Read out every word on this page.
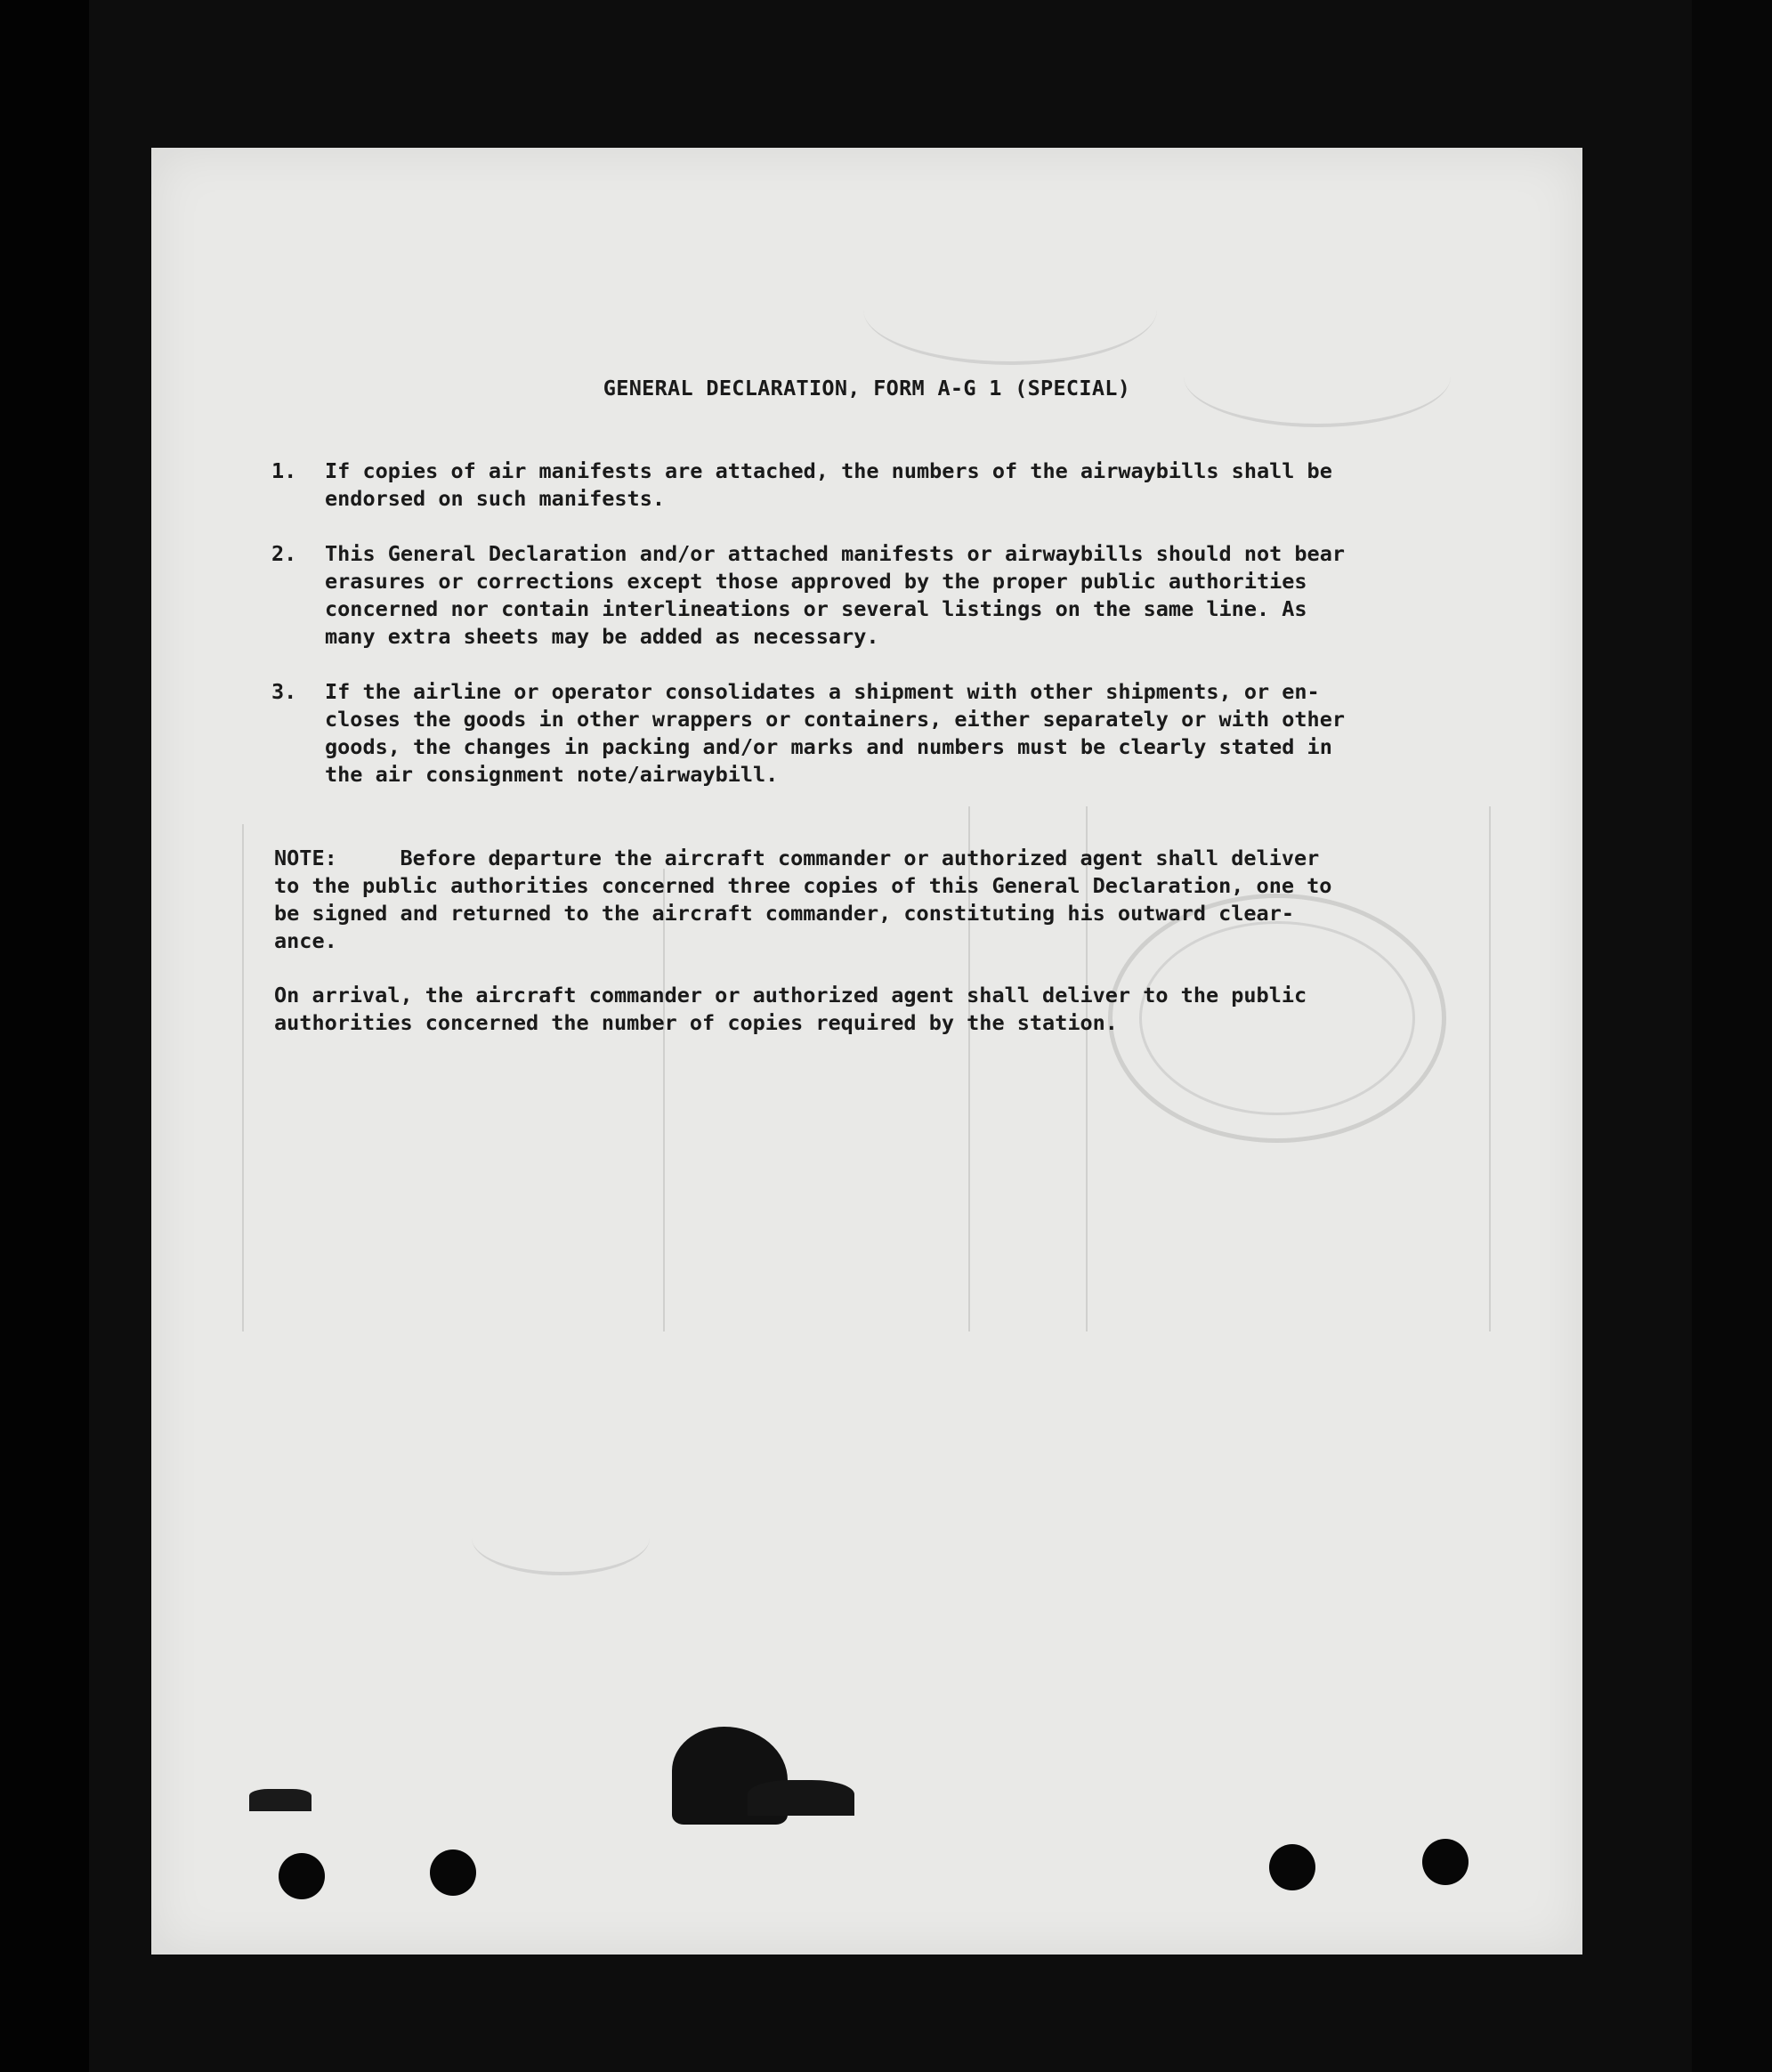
GENERAL DECLARATION, FORM A-G 1 (SPECIAL)
1.	If copies of air manifests are attached, the numbers of the airwaybills shall be
endorsed on such manifests.
2.	This General Declaration and/or attached manifests or airwaybills should not bear
erasures or corrections except those approved by the proper public authorities
concerned nor contain interlineations or several listings on the same line. As
many extra sheets may be added as necessary.
3.	If the airline or operator consolidates a shipment with other shipments, or en-
closes the goods in other wrappers or containers, either separately or with other
goods, the changes in packing and/or marks and numbers must be clearly stated in
the air consignment note/airwaybill.
NOTE:	Before departure the aircraft commander or authorized agent shall deliver
to the public authorities concerned three copies of this General Declaration, one to
be signed and returned to the aircraft commander, constituting his outward clear-
ance.
On arrival, the aircraft commander or authorized agent shall deliver to the public
authorities concerned the number of copies required by the station.
